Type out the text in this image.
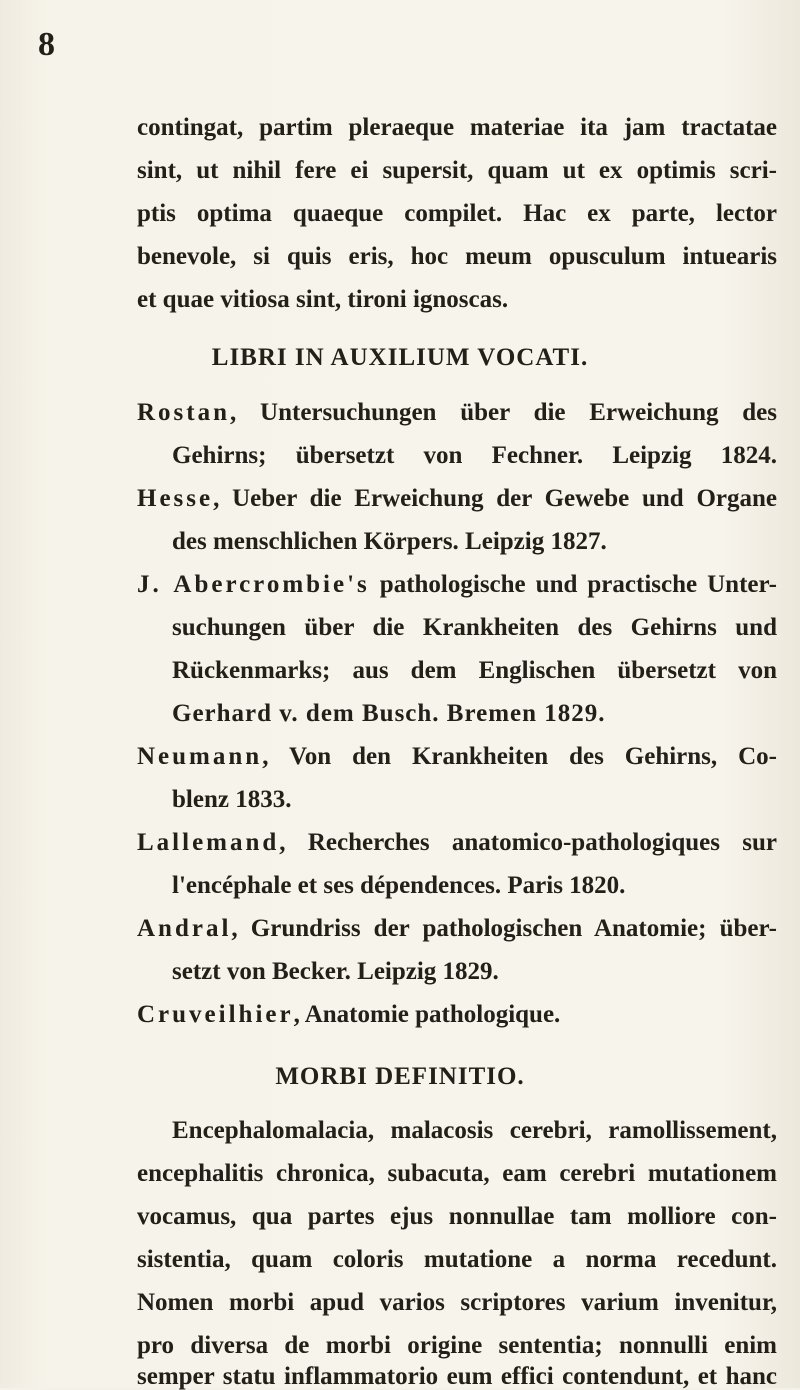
8
contingat, partim pleraeque materiae ita jam tractatae
sint, ut nihil fere ei supersit, quam ut ex optimis scri-
ptis optima quaeque compilet. Hac ex parte, lector
benevole, si quis eris, hoc meum opusculum intuearis
et quae vitiosa sint, tironi ignoscas.
LIBRI IN AUXILIUM VOCATI.
Rostan, Untersuchungen über die Erweichung des
Gehirns; übersetzt von Fechner. Leipzig 1824.
Hesse, Ueber die Erweichung der Gewebe und Organe
des menschlichen Körpers. Leipzig 1827.
J. Abercrombie's pathologische und practische Unter-
suchungen über die Krankheiten des Gehirns und
Rückenmarks; aus dem Englischen übersetzt von
Gerhard v. dem Busch. Bremen 1829.
Neumann, Von den Krankheiten des Gehirns, Co-
blenz 1833.
Lallemand, Recherches anatomico-pathologiques sur
l'encéphale et ses dépendences. Paris 1820.
Andral, Grundriss der pathologischen Anatomie; über-
setzt von Becker. Leipzig 1829.
Cruveilhier, Anatomie pathologique.
MORBI DEFINITIO.
Encephalomalacia, malacosis cerebri, ramollissement,
encephalitis chronica, subacuta, eam cerebri mutationem
vocamus, qua partes ejus nonnullae tam molliore con-
sistentia, quam coloris mutatione a norma recedunt.
Nomen morbi apud varios scriptores varium invenitur,
pro diversa de morbi origine sententia; nonnulli enim
semper statu inflammatorio eum effici contendunt, et hanc
